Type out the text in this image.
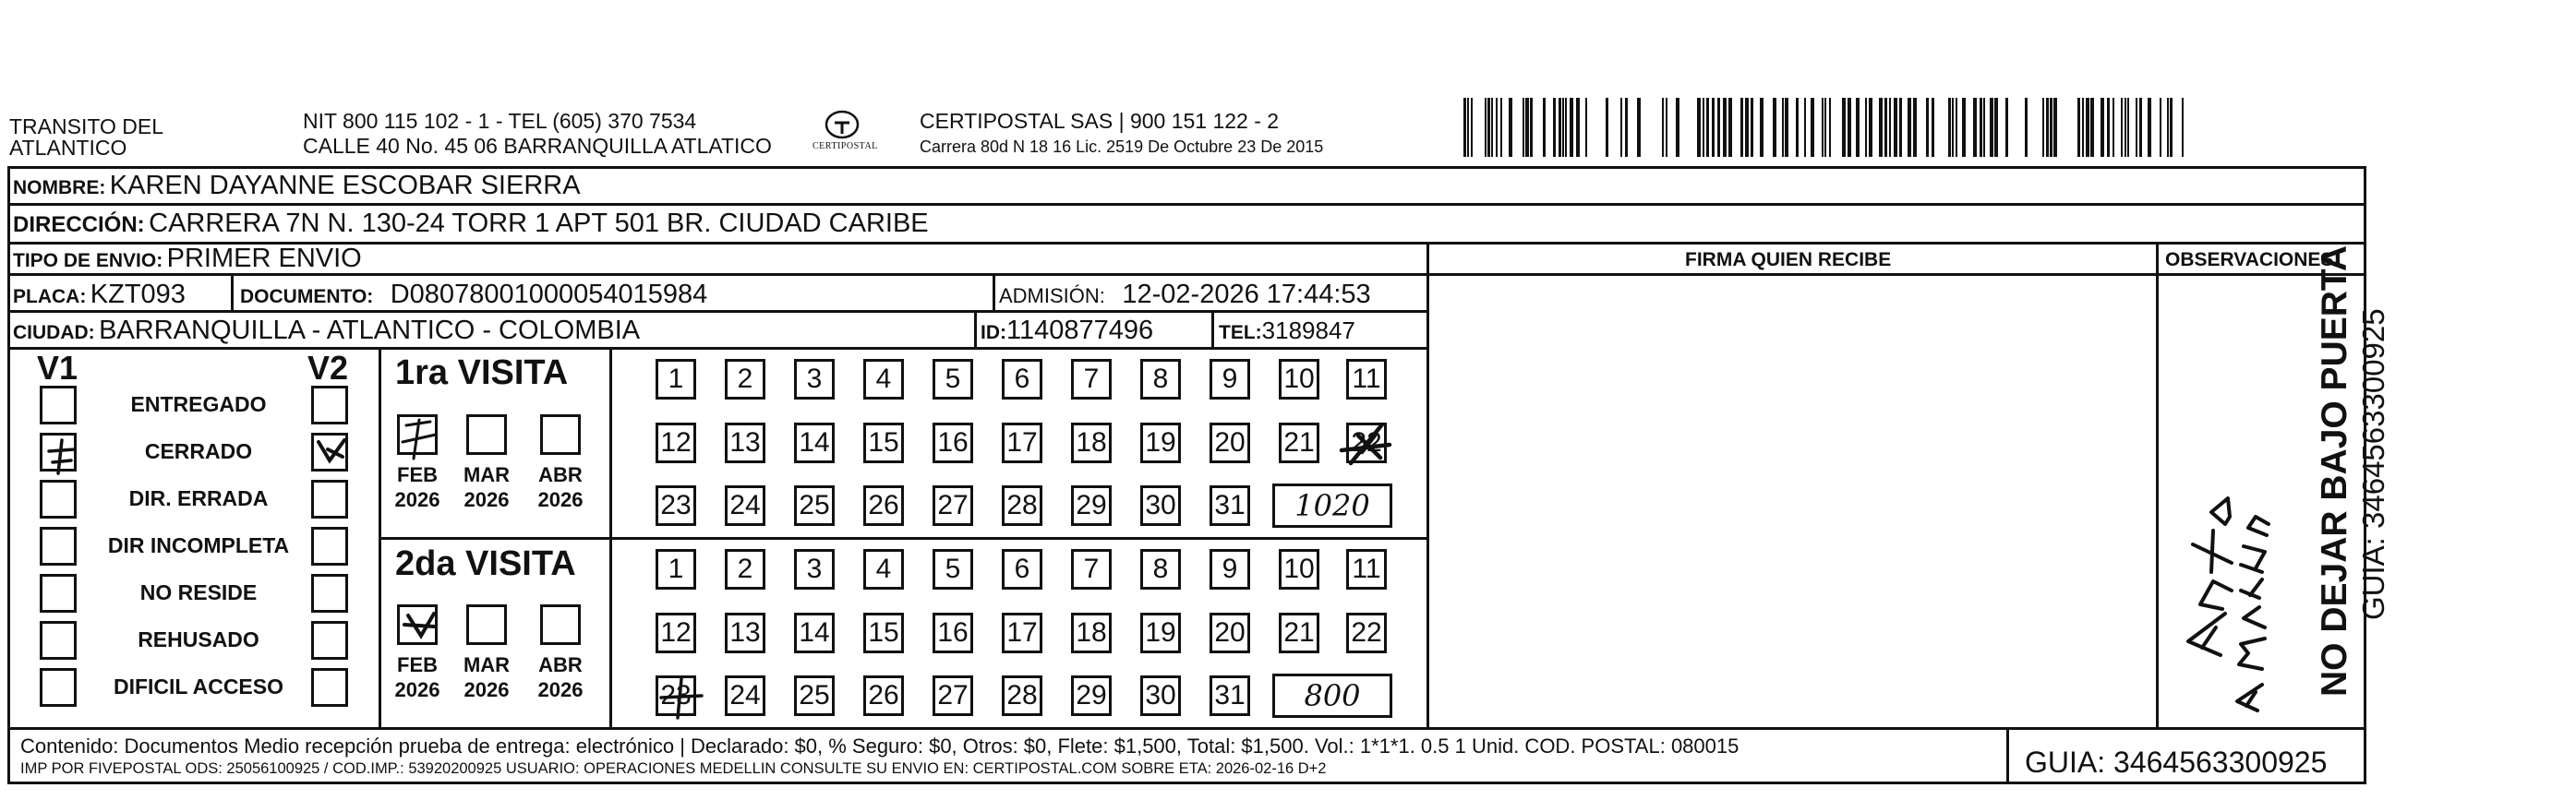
TRANSITO DEL
ATLANTICO
NIT 800 115 102 - 1 - TEL (605) 370 7534
CALLE 40 No. 45 06 BARRANQUILLA ATLATICO	CERTIPOSTAL
CERTIPOSTAL SAS | 900 151 122 - 2
Carrera 80d N 18 16 Lic. 2519 De Octubre 23 De 2015
NOMBRE: KAREN DAYANNE ESCOBAR SIERRA
DIRECCIÓN: CARRERA 7N N. 130-24 TORR 1 APT 501 BR. CIUDAD CARIBE
TIPO DE ENVIO: PRIMER ENVIO	FIRMA QUIEN RECIBE	OBSERVACIONES
PLACA: KZT093	DOCUMENTO: D08078001000054015984	ADMISIÓN: 12-02-2026 17:44:53
CIUDAD: BARRANQUILLA - ATLANTICO - COLOMBIA	ID:1140877496	TEL:3189847
V1	V2
ENTREGADO
CERRADO
DIR. ERRADA
DIR INCOMPLETA
NO RESIDE
REHUSADO
DIFICIL ACCESO
1ra VISITA
2da VISITA
FEB
2026
MAR
2026
ABR
2026
1	2	3	4	5	6	7	8	9	10 11
12 13 14 15 16 17 18 19 20 21 22
23 24 25 26 27 28 29 30 31	1020
FEB
2026
MAR
2026
ABR
2026
1	2	3	4	5	6	7	8	9	10 11
12 13 14 15 16 17 18 19 20 21 22
23 24 25 26 27 28 29 30 31	800	NO DEJAR BAJO PUERTA GUIA: 3464563300925
Contenido: Documentos Medio recepción prueba de entrega: electrónico | Declarado: $0, % Seguro: $0, Otros: $0, Flete: $1,500, Total: $1,500. Vol.: 1*1*1. 0.5 1 Unid. COD. POSTAL: 080015
IMP POR FIVEPOSTAL ODS: 25056100925 / COD.IMP.: 53920200925 USUARIO: OPERACIONES MEDELLIN CONSULTE SU ENVIO EN: CERTIPOSTAL.COM SOBRE ETA: 2026-02-16 D+2	GUIA: 3464563300925
